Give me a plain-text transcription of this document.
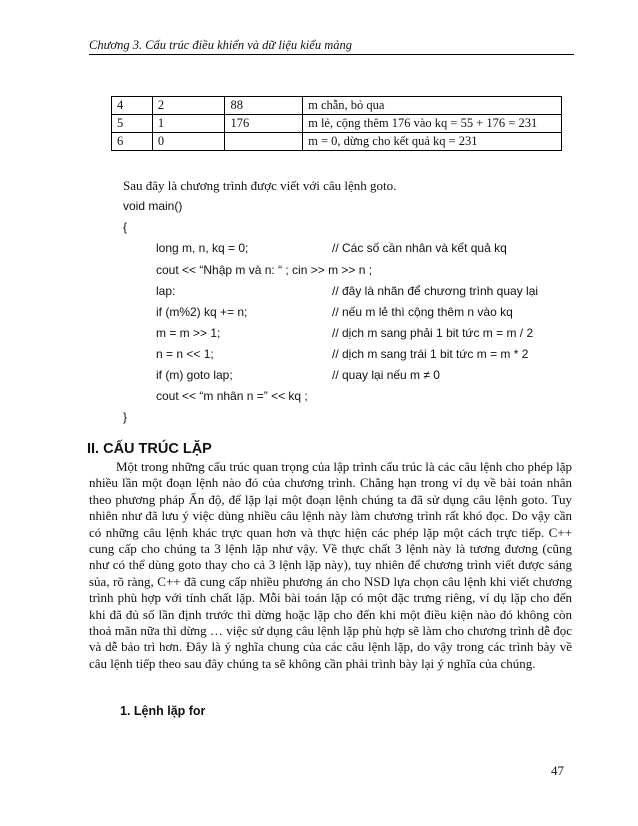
Chương 3. Cấu trúc điều khiển và dữ liệu kiểu mảng
4	2	88	m chẵn, bỏ qua
5	1	176	m lẻ, cộng thêm 176 vào kq = 55 + 176 = 231
6	0		m = 0, dừng cho kết quả kq = 231
Sau đây là chương trình được viết với câu lệnh goto.
void main()
{
long m, n, kq = 0;	// Các số cần nhân và kết quả kq
cout << “Nhập m và n: “ ; cin >> m >> n ;
lap:	// đây là nhãn để chương trình quay lại
if (m%2) kq += n;	// nếu m lẻ thì cộng thêm n vào kq
m = m >> 1;	// dịch m sang phải 1 bit tức m = m / 2
n = n << 1;	// dịch m sang trái 1 bit tức m = m * 2
if (m) goto lap;	// quay lại nếu m ≠ 0
cout << “m nhân n =” << kq ;
}
II. CẤU TRÚC LẶP

Một trong những cấu trúc quan trọng của lập trình cấu trúc là các câu lệnh cho phép lặp nhiều lần một đoạn lệnh nào đó của chương trình. Chẳng hạn trong ví dụ về bài toán nhân theo phương pháp Ấn độ, để lặp lại một đoạn lệnh chúng ta đã sử dụng câu lệnh goto. Tuy nhiên như đã lưu ý việc dùng nhiều câu lệnh này làm chương trình rất khó đọc. Do vậy cần có những câu lệnh khác trực quan hơn và thực hiện các phép lặp một cách trực tiếp. C++ cung cấp cho chúng ta 3 lệnh lặp như vậy. Về thực chất 3 lệnh này là tương đương (cũng như có thể dùng goto thay cho cả 3 lệnh lặp này), tuy nhiên để chương trình viết được sáng sủa, rõ ràng, C++ đã cung cấp nhiều phương án cho NSD lựa chọn câu lệnh khi viết chương trình phù hợp với tính chất lặp. Mỗi bài toán lặp có một đặc trưng riêng, ví dụ lặp cho đến khi đã đủ số lần định trước thì dừng hoặc lặp cho đến khi một điều kiện nào đó không còn thoả mãn nữa thì dừng … việc sử dụng câu lệnh lặp phù hợp sẽ làm cho chương trình dễ đọc và dễ bảo trì hơn. Đây là ý nghĩa chung của các câu lệnh lặp, do vậy trong các trình bày về câu lệnh tiếp theo sau đây chúng ta sẽ không cần phải trình bày lại ý nghĩa của chúng.

1. Lệnh lặp for
47
